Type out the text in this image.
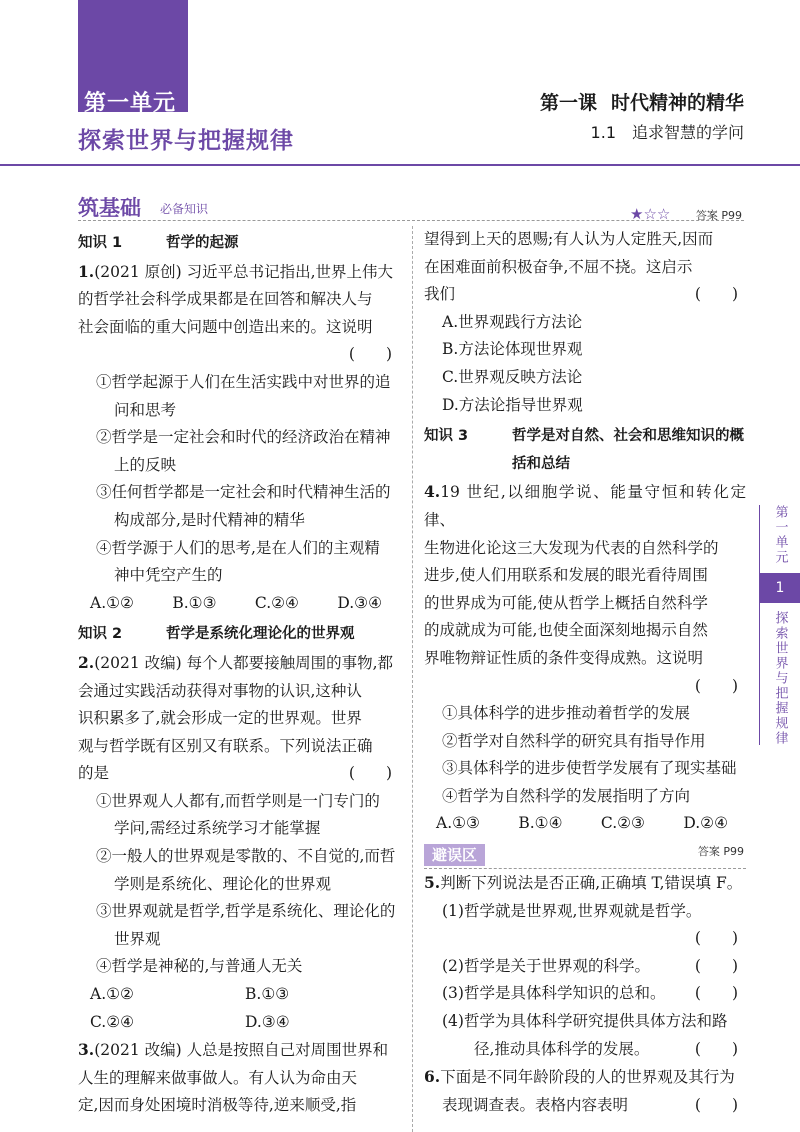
第一单元
探索世界与把握规律
第一课 时代精神的精华
1.1　追求智慧的学问
筑基础 必备知识	★☆☆ 答案 P99
知识 1	哲学的起源
1.(2021 原创) 习近平总书记指出,世界上伟大
的哲学社会科学成果都是在回答和解决人与
社会面临的重大问题中创造出来的。这说明
(　　)
①哲学起源于人们在生活实践中对世界的追
问和思考
②哲学是一定社会和时代的经济政治在精神
上的反映
③任何哲学都是一定社会和时代精神生活的
构成部分,是时代精神的精华
④哲学源于人们的思考,是在人们的主观精
神中凭空产生的
A.①② B.①③ C.②④ D.③④
知识 2	哲学是系统化理论化的世界观
2.(2021 改编) 每个人都要接触周围的事物,都
会通过实践活动获得对事物的认识,这种认
识积累多了,就会形成一定的世界观。世界
观与哲学既有区别又有联系。下列说法正确
的是	(　　)
①世界观人人都有,而哲学则是一门专门的
学问,需经过系统学习才能掌握
②一般人的世界观是零散的、不自觉的,而哲
学则是系统化、理论化的世界观
③世界观就是哲学,哲学是系统化、理论化的
世界观
④哲学是神秘的,与普通人无关
A.①②	B.①③
C.②④	D.③④
3.(2021 改编) 人总是按照自己对周围世界和
人生的理解来做事做人。有人认为命由天
定,因而身处困境时消极等待,逆来顺受,指
望得到上天的恩赐;有人认为人定胜天,因而
在困难面前积极奋争,不屈不挠。这启示
我们	(　　)
A.世界观践行方法论
B.方法论体现世界观
C.世界观反映方法论
D.方法论指导世界观
知识 3	哲学是对自然、社会和思维知识的概
括和总结
4.19 世纪,以细胞学说、能量守恒和转化定律、
生物进化论这三大发现为代表的自然科学的
进步,使人们用联系和发展的眼光看待周围
的世界成为可能,使从哲学上概括自然科学
的成就成为可能,也使全面深刻地揭示自然
界唯物辩证性质的条件变得成熟。这说明
(　　)
①具体科学的进步推动着哲学的发展
②哲学对自然科学的研究具有指导作用
③具体科学的进步使哲学发展有了现实基础
④哲学为自然科学的发展指明了方向
A.①③ B.①④ C.②③ D.②④
避误区	答案 P99
5.判断下列说法是否正确,正确填 T,错误填 F。
(1)哲学就是世界观,世界观就是哲学。
(　　)
(2)哲学是关于世界观的科学。	(　　)
(3)哲学是具体科学知识的总和。 (　　)
(4)哲学为具体科学研究提供具体方法和路
径,推动具体科学的发展。	(　　)
6.下面是不同年龄阶段的人的世界观及其行为
表现调查表。表格内容表明	(　　)
第一单元
1
探索世界与把握规律
